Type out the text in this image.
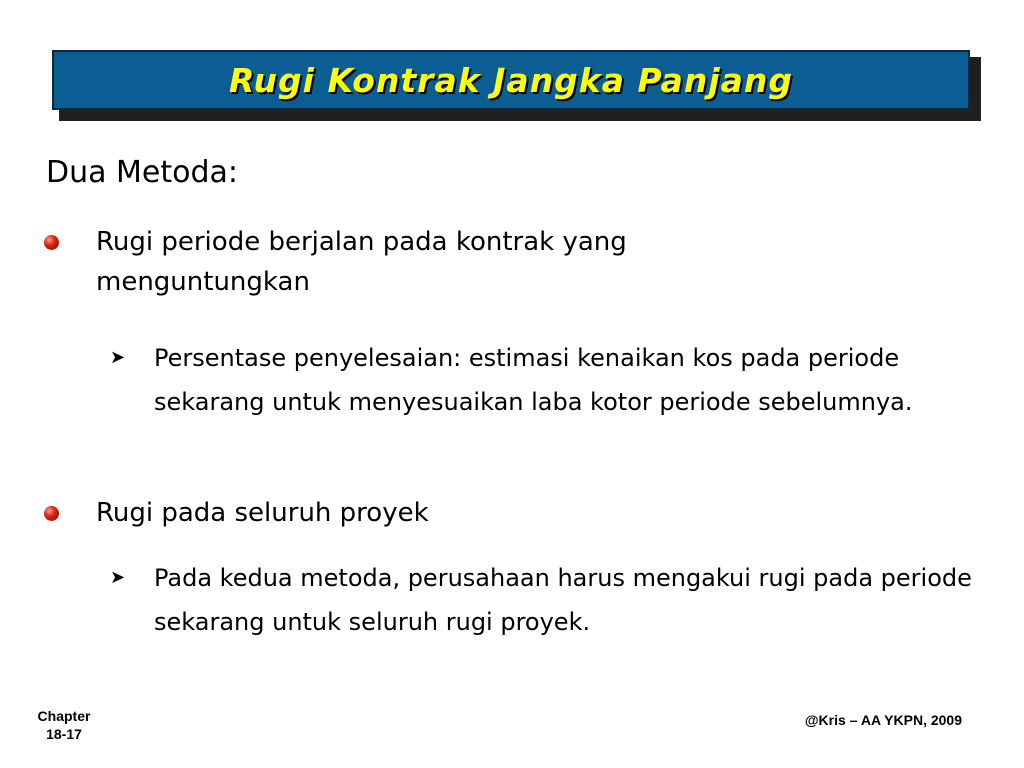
Rugi Kontrak Jangka Panjang
Dua Metoda:
Rugi periode berjalan pada kontrak yang menguntungkan
➤ Persentase penyelesaian: estimasi kenaikan kos pada periode sekarang untuk menyesuaikan laba kotor periode sebelumnya.
Rugi pada seluruh proyek
➤ Pada kedua metoda, perusahaan harus mengakui rugi pada periode sekarang untuk seluruh rugi proyek.
Chapter
18-17
@Kris – AA YKPN, 2009
